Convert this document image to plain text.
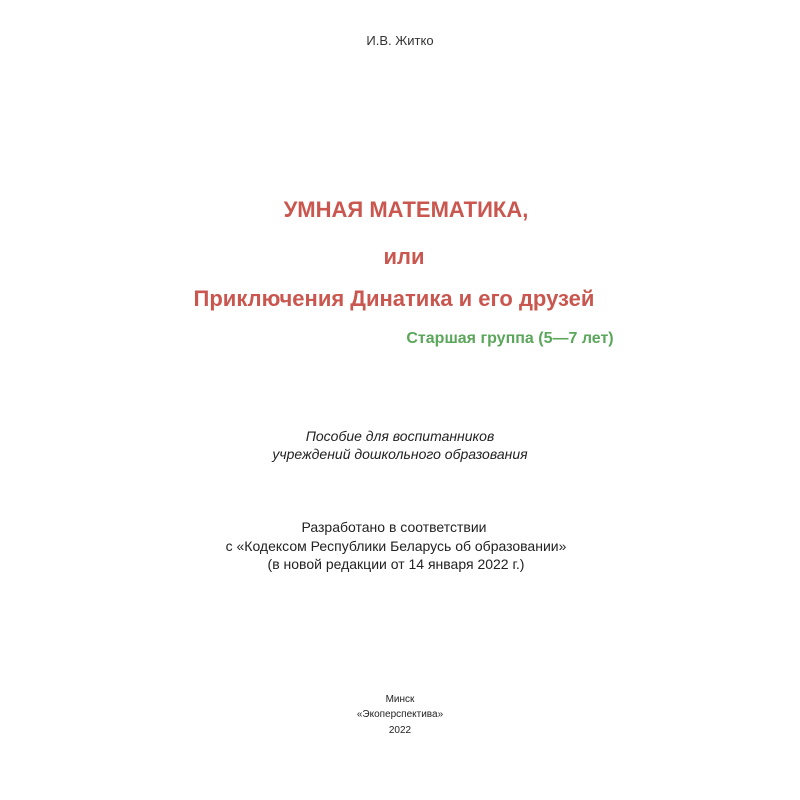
И.В. Житко
УМНАЯ МАТЕМАТИКА,
или
Приключения Динатика и его друзей
Старшая группа (5—7 лет)
Пособие для воспитанников
учреждений дошкольного образования
Разработано в соответствии
с «Кодексом Республики Беларусь об образовании»
(в новой редакции от 14 января 2022 г.)
Минск
«Экоперспектива»
2022
